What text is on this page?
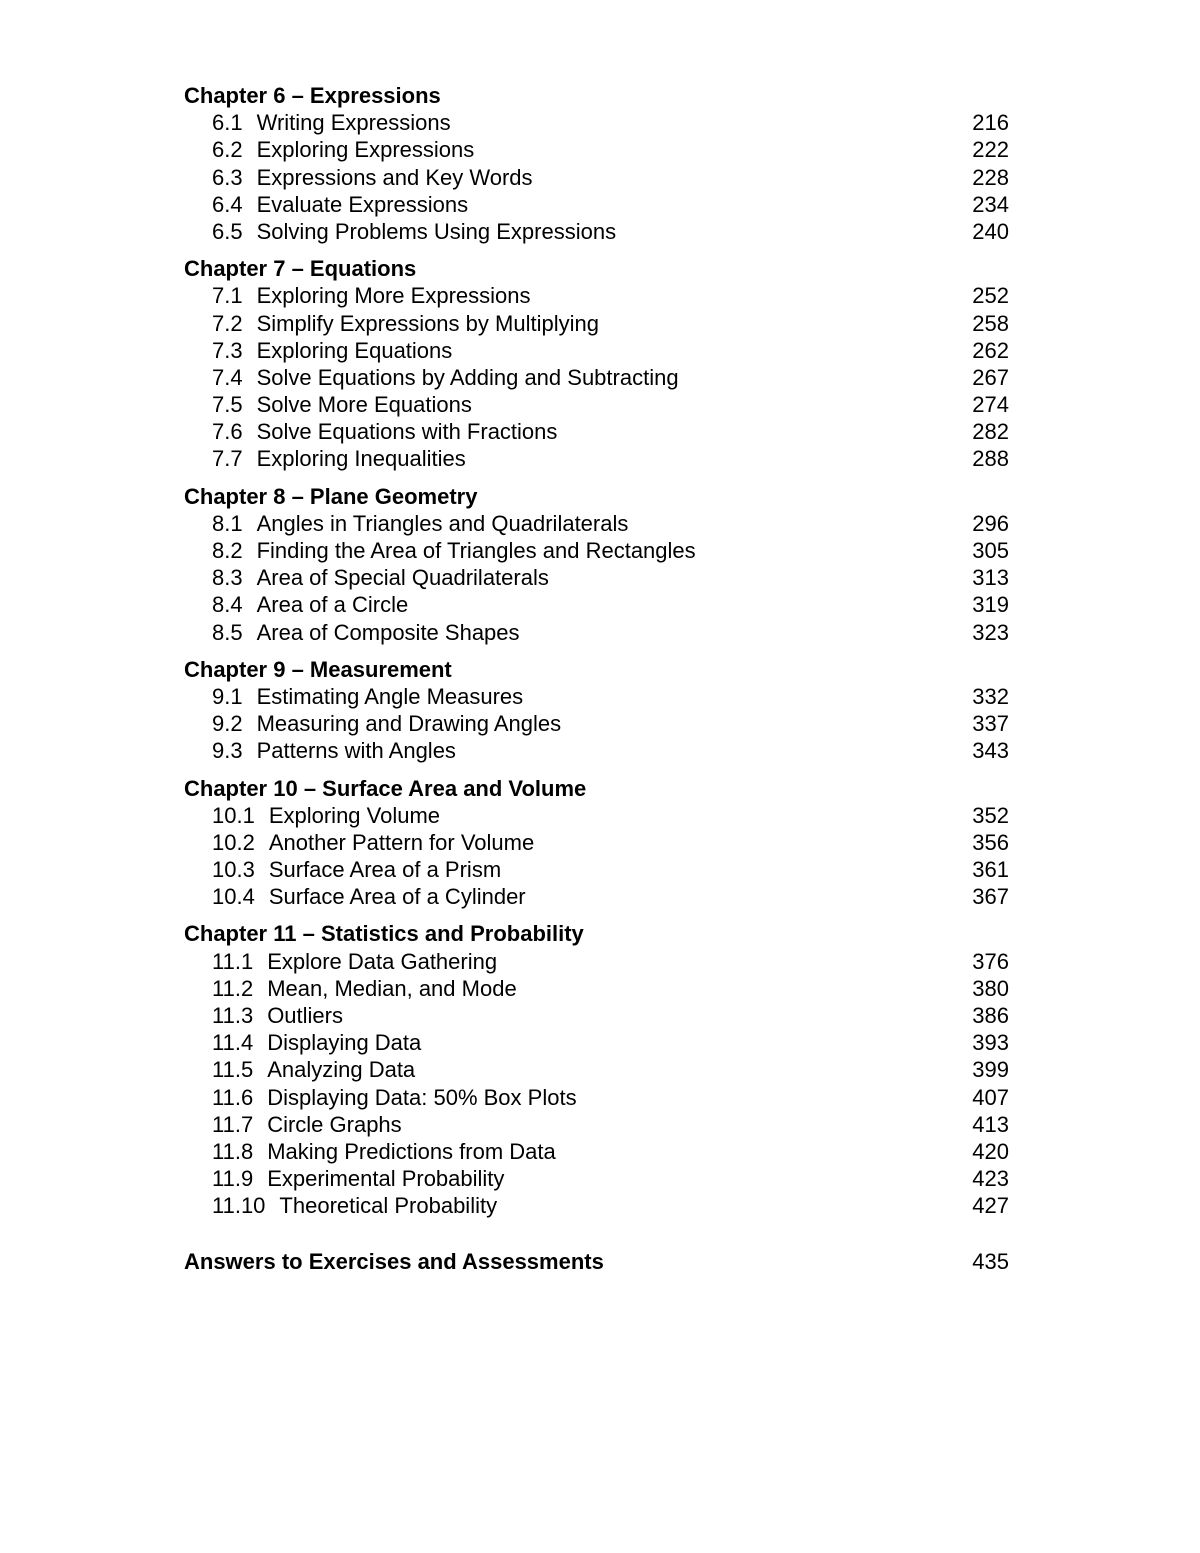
Chapter 6 – Expressions
6.1 Writing Expressions	216
6.2 Exploring Expressions	222
6.3 Expressions and Key Words	228
6.4 Evaluate Expressions	234
6.5 Solving Problems Using Expressions	240
Chapter 7 – Equations
7.1 Exploring More Expressions	252
7.2 Simplify Expressions by Multiplying	258
7.3 Exploring Equations	262
7.4 Solve Equations by Adding and Subtracting	267
7.5 Solve More Equations	274
7.6 Solve Equations with Fractions	282
7.7 Exploring Inequalities	288
Chapter 8 – Plane Geometry
8.1 Angles in Triangles and Quadrilaterals	296
8.2 Finding the Area of Triangles and Rectangles	305
8.3 Area of Special Quadrilaterals	313
8.4 Area of a Circle	319
8.5 Area of Composite Shapes	323
Chapter 9 – Measurement
9.1 Estimating Angle Measures	332
9.2 Measuring and Drawing Angles	337
9.3 Patterns with Angles	343
Chapter 10 – Surface Area and Volume
10.1 Exploring Volume	352
10.2 Another Pattern for Volume	356
10.3 Surface Area of a Prism	361
10.4 Surface Area of a Cylinder	367
Chapter 11 – Statistics and Probability
11.1 Explore Data Gathering	376
11.2 Mean, Median, and Mode	380
11.3 Outliers	386
11.4 Displaying Data	393
11.5 Analyzing Data	399
11.6 Displaying Data: 50% Box Plots	407
11.7 Circle Graphs	413
11.8 Making Predictions from Data	420
11.9 Experimental Probability	423
11.10 Theoretical Probability	427
Answers to Exercises and Assessments	435
